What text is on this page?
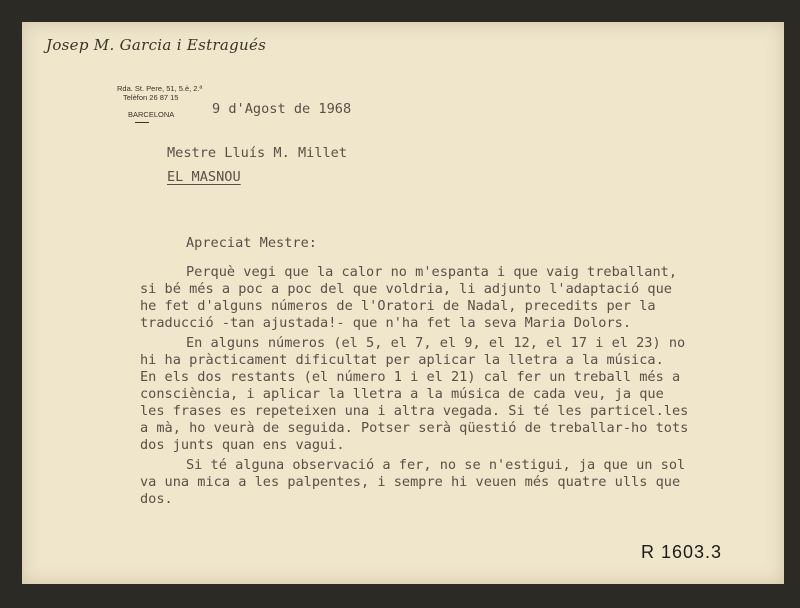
Josep M. Garcia i Estragués
Rda. St. Pere, 51, 5.è, 2.ª
Telèfon 26 87 15
BARCELONA	9 d'Agost de 1968
Mestre Lluís M. Millet
EL MASNOU
Apreciat Mestre:
Perquè vegi que la calor no m'espanta i que vaig treballant,
si bé més a poc a poc del que voldria, li adjunto l'adaptació que
he fet d'alguns números de l'Oratori de Nadal, precedits per la
traducció -tan ajustada!- que n'ha fet la seva Maria Dolors.
En alguns números (el 5, el 7, el 9, el 12, el 17 i el 23) no
hi ha pràcticament dificultat per aplicar la lletra a la música.
En els dos restants (el número 1 i el 21) cal fer un treball més a
consciència, i aplicar la lletra a la música de cada veu, ja que
les frases es repeteixen una i altra vegada. Si té les particel.les
a mà, ho veurà de seguida. Potser serà qüestió de treballar-ho tots
dos junts quan ens vagui.
Si té alguna observació a fer, no se n'estigui, ja que un sol
va una mica a les palpentes, i sempre hi veuen més quatre ulls que
dos.
R 1603.3
